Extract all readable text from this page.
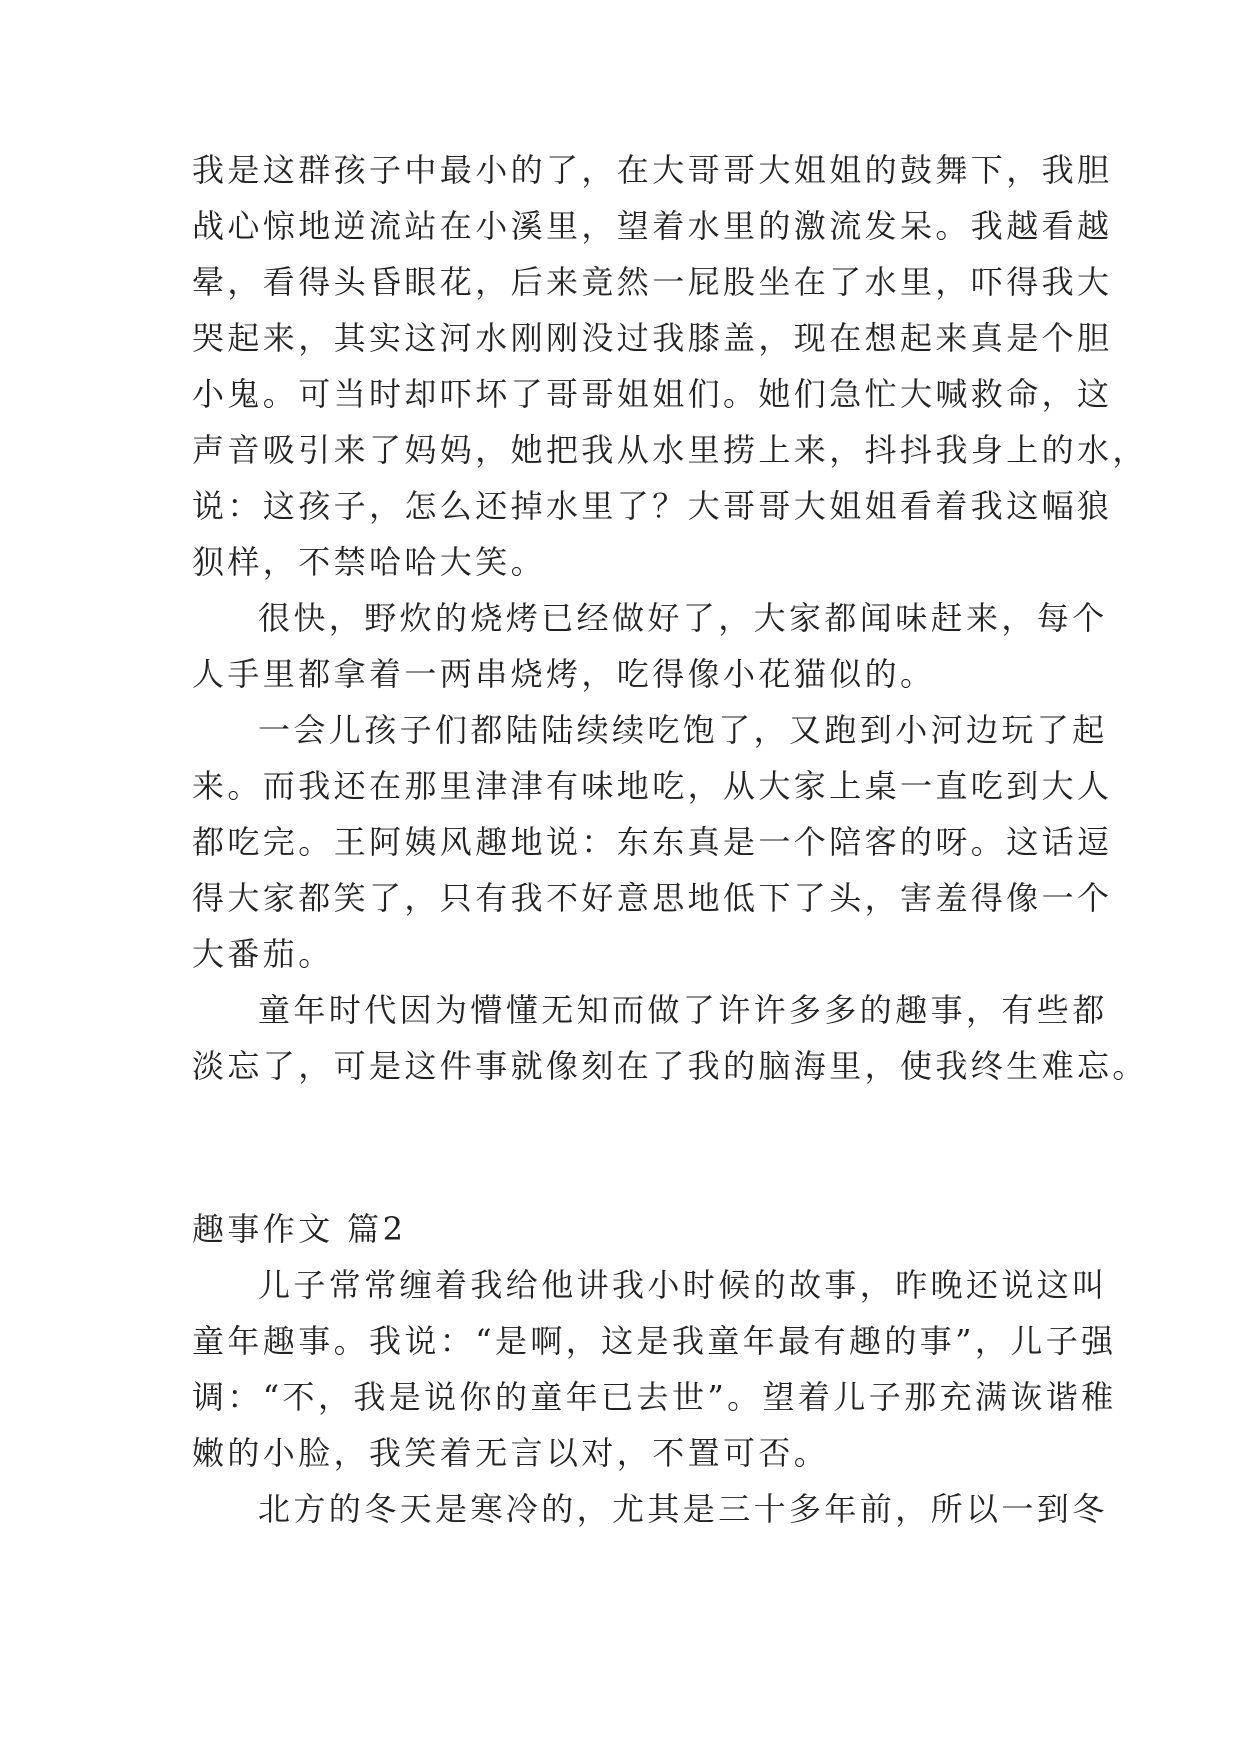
我是这群孩子中最小的了，在大哥哥大姐姐的鼓舞下，我胆
战心惊地逆流站在小溪里，望着水里的激流发呆。我越看越
晕，看得头昏眼花，后来竟然一屁股坐在了水里，吓得我大
哭起来，其实这河水刚刚没过我膝盖，现在想起来真是个胆
小鬼。可当时却吓坏了哥哥姐姐们。她们急忙大喊救命，这
声音吸引来了妈妈，她把我从水里捞上来，抖抖我身上的水，
说：这孩子，怎么还掉水里了？大哥哥大姐姐看着我这幅狼
狈样，不禁哈哈大笑。
很快，野炊的烧烤已经做好了，大家都闻味赶来，每个
人手里都拿着一两串烧烤，吃得像小花猫似的。
一会儿孩子们都陆陆续续吃饱了，又跑到小河边玩了起
来。而我还在那里津津有味地吃，从大家上桌一直吃到大人
都吃完。王阿姨风趣地说：东东真是一个陪客的呀。这话逗
得大家都笑了，只有我不好意思地低下了头，害羞得像一个
大番茄。
童年时代因为懵懂无知而做了许许多多的趣事，有些都
淡忘了，可是这件事就像刻在了我的脑海里，使我终生难忘。
趣事作文 篇2
儿子常常缠着我给他讲我小时候的故事，昨晚还说这叫
童年趣事。我说：“是啊，这是我童年最有趣的事”，儿子强
调：“不，我是说你的童年已去世”。望着儿子那充满诙谐稚
嫩的小脸，我笑着无言以对，不置可否。
北方的冬天是寒冷的，尤其是三十多年前，所以一到冬
